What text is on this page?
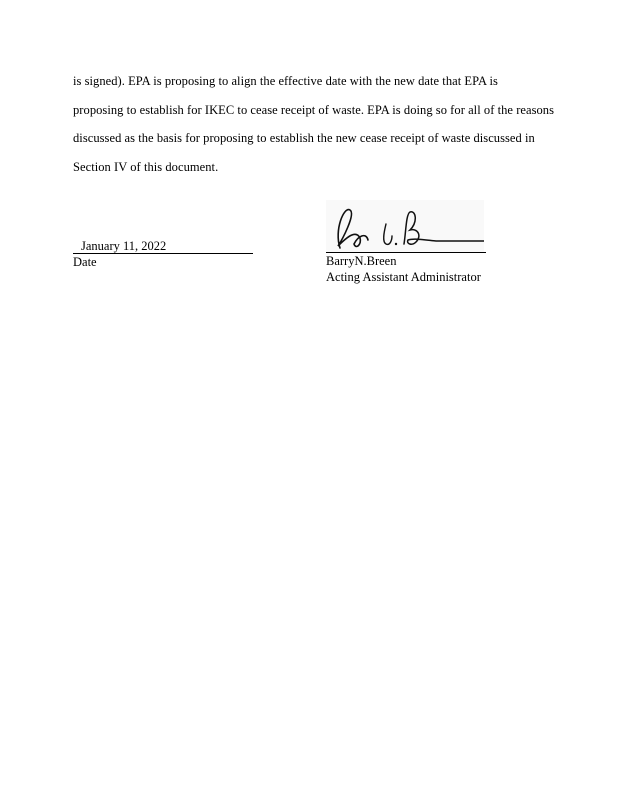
is signed). EPA is proposing to align the effective date with the new date that EPA is
proposing to establish for IKEC to cease receipt of waste. EPA is doing so for all of the reasons
discussed as the basis for proposing to establish the new cease receipt of waste discussed in
Section IV of this document.
January 11, 2022
Date	BarryN.Breen
Acting Assistant Administrator
